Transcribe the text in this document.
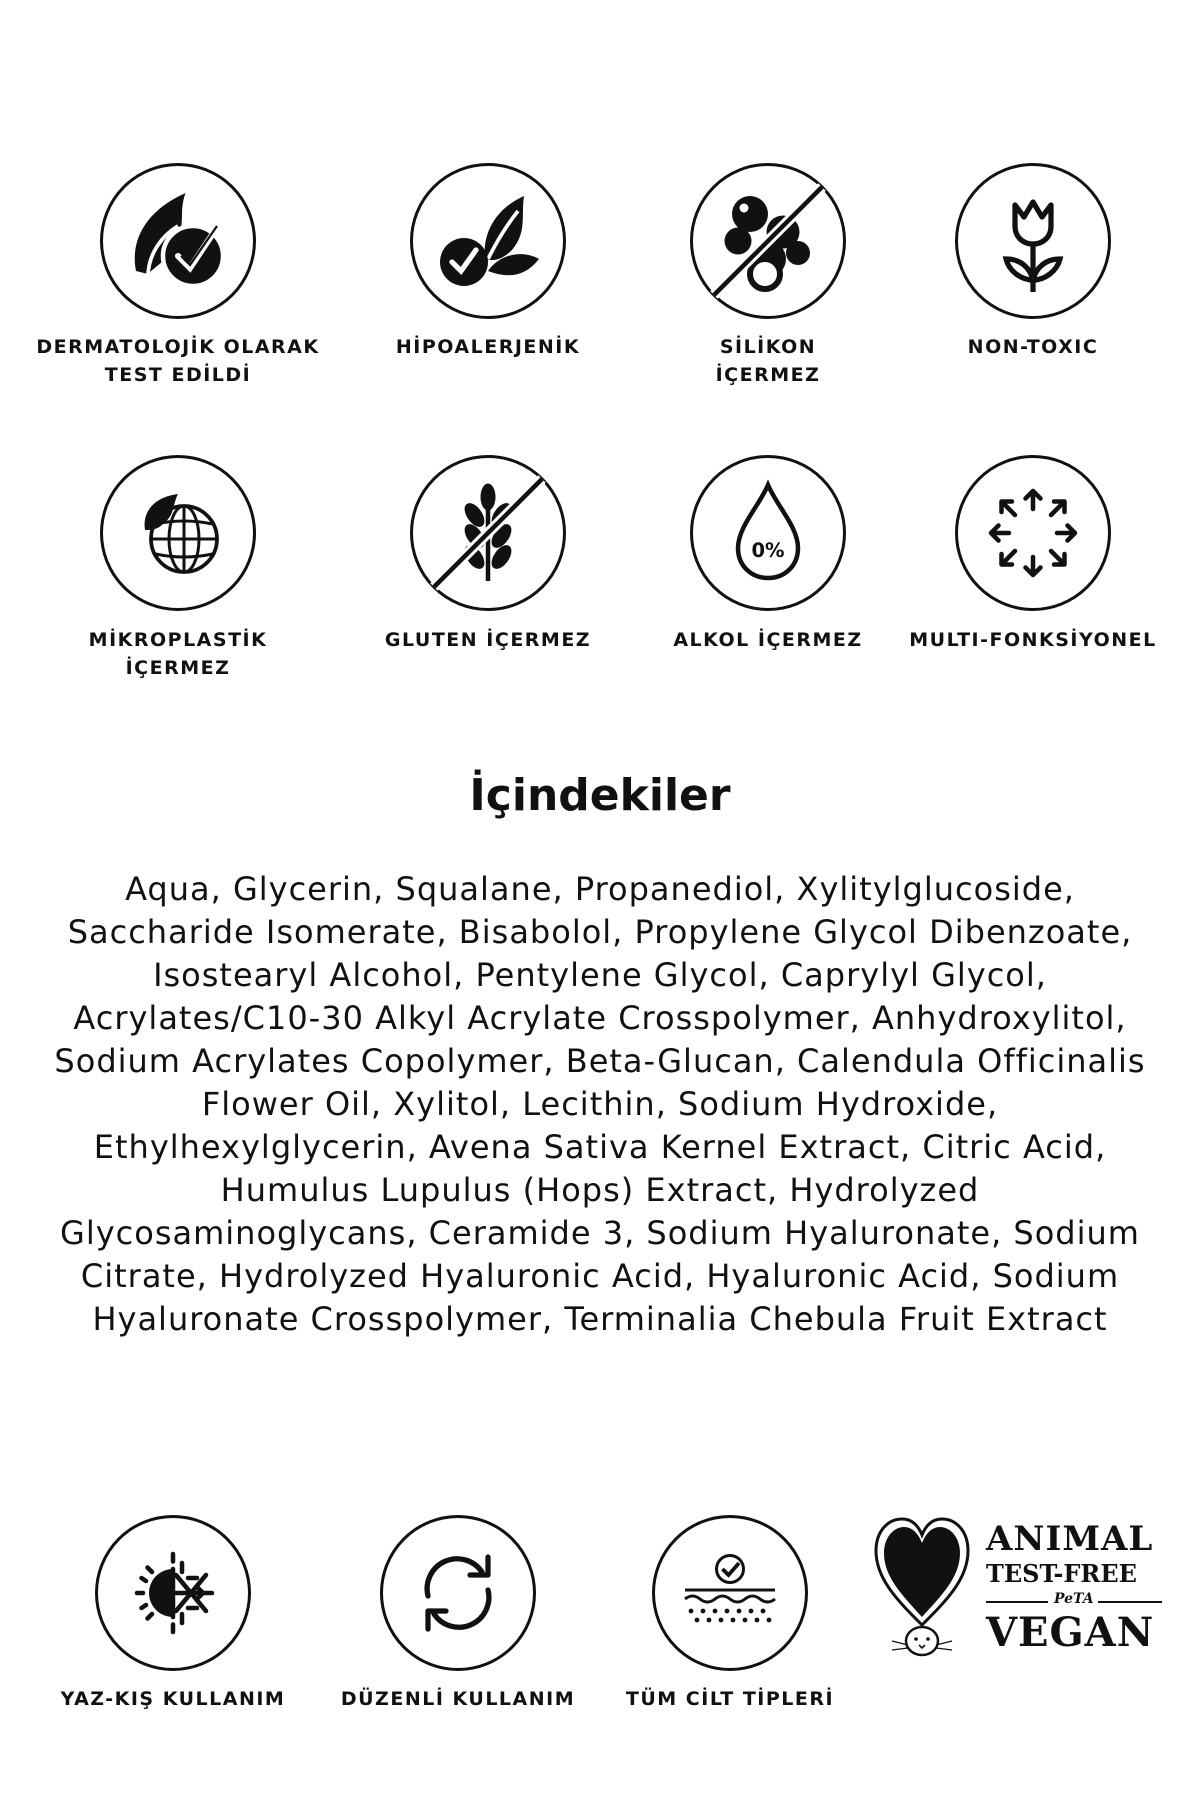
DERMATOLOJİK OLARAK
TEST EDİLDİ
HİPOALERJENİK	SİLİKON
İÇERMEZ
NON-TOXIC
MİKROPLASTİK
İÇERMEZ
GLUTEN İÇERMEZ
0%
ALKOL İÇERMEZ	MULTI-FONKSİYONEL
İçindekiler

Aqua, Glycerin, Squalane, Propanediol, Xylitylglucoside, Saccharide Isomerate, Bisabolol, Propylene Glycol Dibenzoate, Isostearyl Alcohol, Pentylene Glycol, Caprylyl Glycol, Acrylates/C10-30 Alkyl Acrylate Crosspolymer, Anhydroxylitol, Sodium Acrylates Copolymer, Beta-Glucan, Calendula Officinalis Flower Oil, Xylitol, Lecithin, Sodium Hydroxide, Ethylhexylglycerin, Avena Sativa Kernel Extract, Citric Acid, Humulus Lupulus (Hops) Extract, Hydrolyzed Glycosaminoglycans, Ceramide 3, Sodium Hyaluronate, Sodium Citrate, Hydrolyzed Hyaluronic Acid, Hyaluronic Acid, Sodium Hyaluronate Crosspolymer, Terminalia Chebula Fruit Extract

YAZ-KIŞ KULLANIM	DÜZENLİ KULLANIM	TÜM CİLT TİPLERİ
ANIMAL
TEST-FREE
PeTA
VEGAN
